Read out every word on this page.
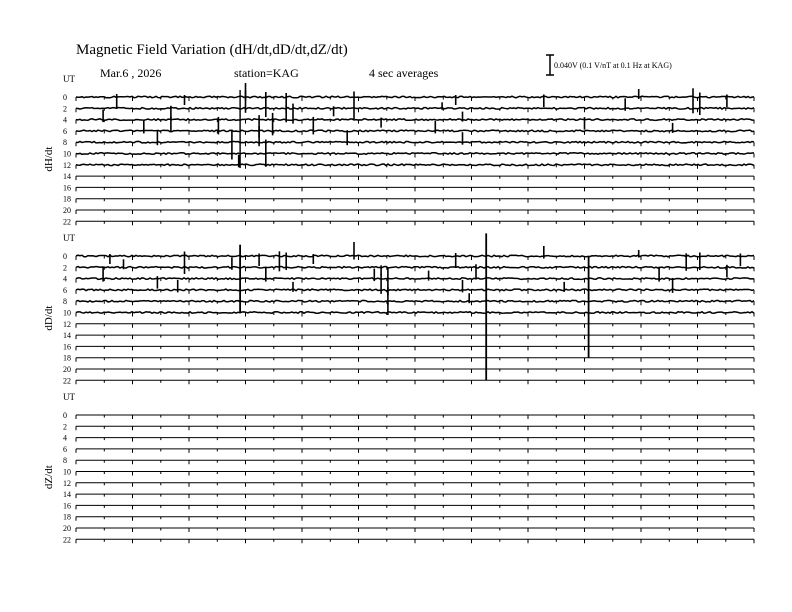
Magnetic Field Variation (dH/dt,dD/dt,dZ/dt)
Mar.6 , 2026	station=KAG	4 sec averages
0.040V (0.1 V/nT at 0.1 Hz at KAG)
UT
dH/dt
0
2
4
6
8
10
12
14
16
18
20
22
UT
dD/dt
0
2
4
6
8
10
12
14
16
18
20
22
UT
dZ/dt
0
2
4
6
8
10
12
14
16
18
20
22
